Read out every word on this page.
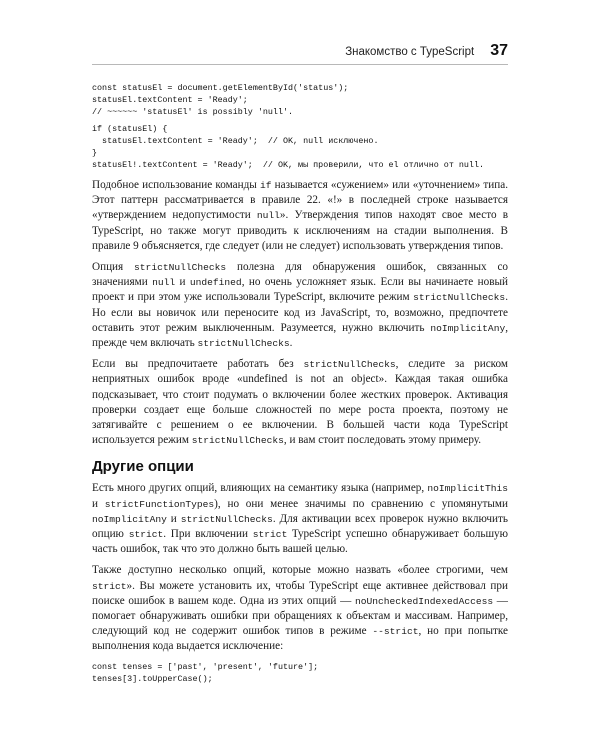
Знакомство с TypeScript 37
const statusEl = document.getElementById('status');
statusEl.textContent = 'Ready';
// ~~~~~~ 'statusEl' is possibly 'null'.
if (statusEl) {
statusEl.textContent = 'Ready';  // OK, null исключено.
}
statusEl!.textContent = 'Ready';  // OK, мы проверили, что el отлично от null.

Подобное использование команды if называется «сужением» или «уточнением» типа. Этот паттерн рассматривается в правиле 22. «!» в последней строке называется «утверждением недопустимости null». Утверждения типов находят свое место в TypeScript, но также могут приводить к исключениям на стадии выполнения. В правиле 9 объясняется, где следует (или не следует) использовать утверждения типов.

Опция strictNullChecks полезна для обнаружения ошибок, связанных со значениями null и undefined, но очень усложняет язык. Если вы начинаете новый проект и при этом уже использовали TypeScript, включите режим strictNullChecks. Но если вы новичок или переносите код из JavaScript, то, возможно, предпочтете оставить этот режим выключенным. Разумеется, нужно включить noImplicitAny, прежде чем включать strictNullChecks.

Если вы предпочитаете работать без strictNullChecks, следите за риском неприятных ошибок вроде «undefined is not an object». Каждая такая ошибка подсказывает, что стоит подумать о включении более жестких проверок. Активация проверки создает еще больше сложностей по мере роста проекта, поэтому не затягивайте с решением о ее включении. В большей части кода TypeScript используется режим strictNullChecks, и вам стоит последовать этому примеру.

Другие опции

Есть много других опций, влияющих на семантику языка (например, noImplicitThis и strictFunctionTypes), но они менее значимы по сравнению с упомянутыми noImplicitAny и strictNullChecks. Для активации всех проверок нужно включить опцию strict. При включении strict TypeScript успешно обнаруживает большую часть ошибок, так что это должно быть вашей целью.

Также доступно несколько опций, которые можно назвать «более строгими, чем strict». Вы можете установить их, чтобы TypeScript еще активнее действовал при поиске ошибок в вашем коде. Одна из этих опций — noUncheckedIndexedAccess — помогает обнаруживать ошибки при обращениях к объектам и массивам. Например, следующий код не содержит ошибок типов в режиме --strict, но при попытке выполнения кода выдается исключение:

const tenses = ['past', 'present', 'future'];
tenses[3].toUpperCase();
